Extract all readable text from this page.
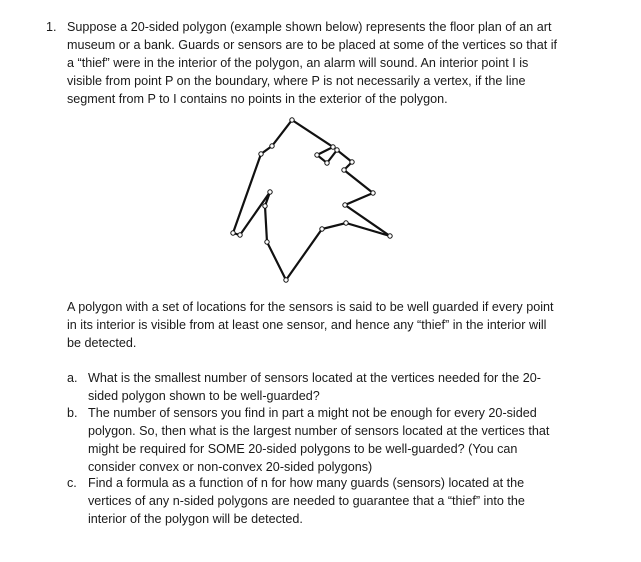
1. Suppose a 20-sided polygon (example shown below) represents the floor plan of an art
museum or a bank. Guards or sensors are to be placed at some of the vertices so that if
a “thief” were in the interior of the polygon, an alarm will sound. An interior point I is
visible from point P on the boundary, where P is not necessarily a vertex, if the line
segment from P to I contains no points in the exterior of the polygon.
A polygon with a set of locations for the sensors is said to be well guarded if every point
in its interior is visible from at least one sensor, and hence any “thief” in the interior will
be detected.
a. What is the smallest number of sensors located at the vertices needed for the 20-
sided polygon shown to be well-guarded?
b. The number of sensors you find in part a might not be enough for every 20-sided
polygon. So, then what is the largest number of sensors located at the vertices that
might be required for SOME 20-sided polygons to be well-guarded? (You can
consider convex or non-convex 20-sided polygons)
c. Find a formula as a function of n for how many guards (sensors) located at the
vertices of any n-sided polygons are needed to guarantee that a “thief” into the
interior of the polygon will be detected.
